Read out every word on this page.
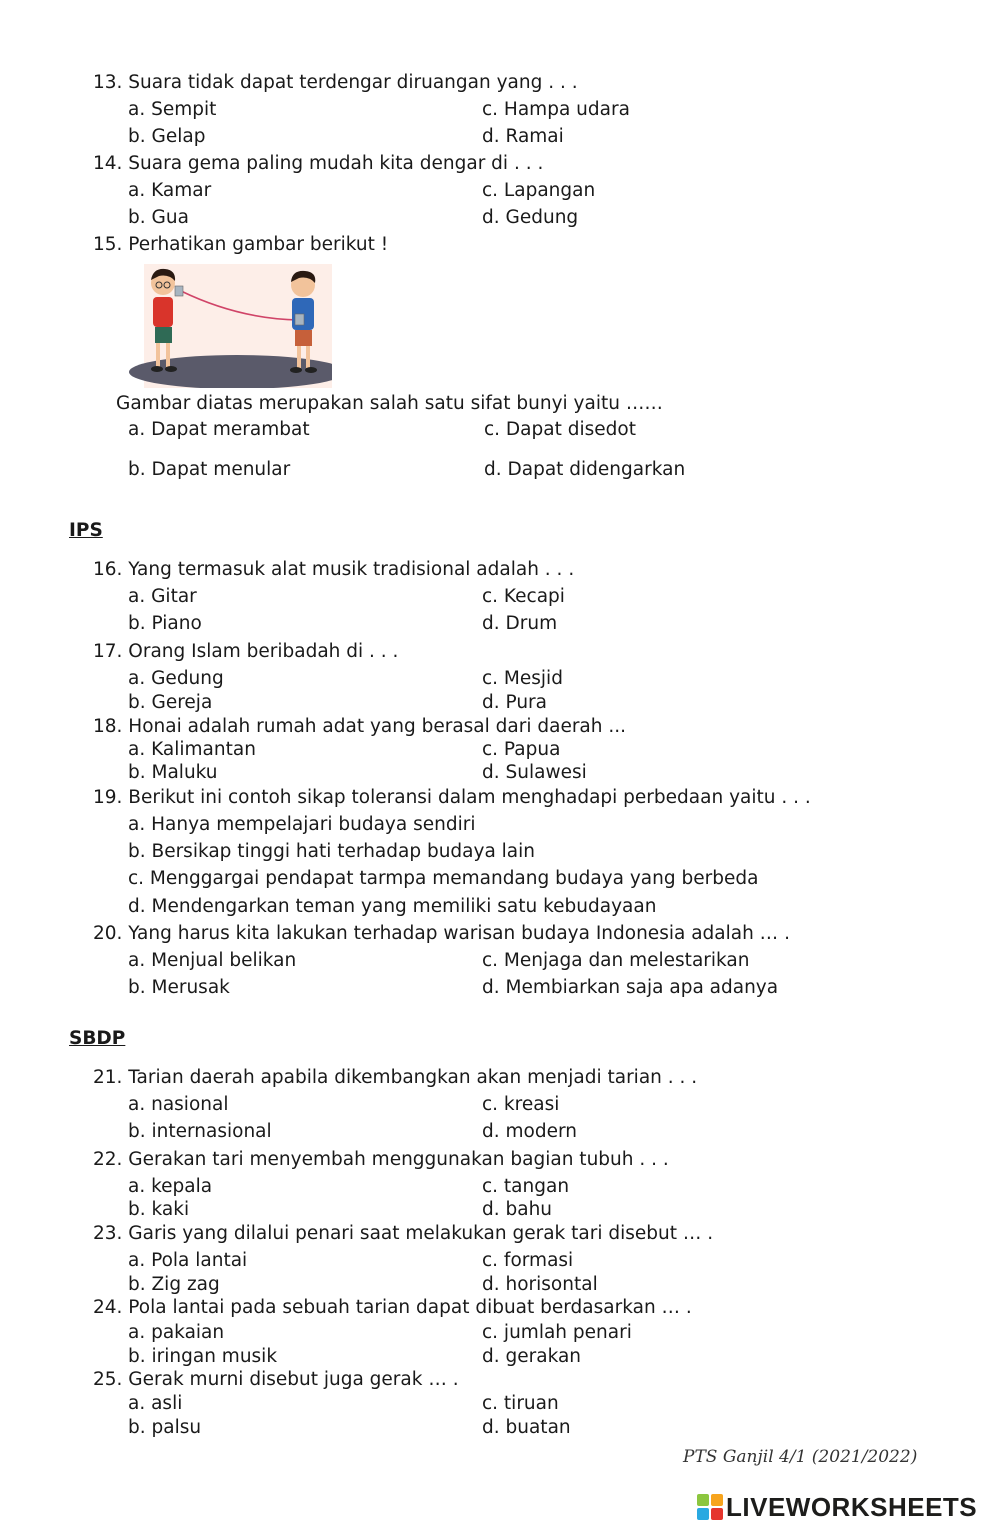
13. Suara tidak dapat terdengar diruangan yang . . .
a. Sempit	c. Hampa udara
b. Gelap	d. Ramai
14. Suara gema paling mudah kita dengar di . . .
a. Kamar	c. Lapangan
b. Gua	d. Gedung
15. Perhatikan gambar berikut !
Gambar diatas merupakan salah satu sifat bunyi yaitu ……
a. Dapat merambat	c. Dapat disedot
b. Dapat menular	d. Dapat didengarkan
IPS
16. Yang termasuk alat musik tradisional adalah . . .
a. Gitar	c. Kecapi
b. Piano	d. Drum
17. Orang Islam beribadah di . . .
a. Gedung	c. Mesjid
b. Gereja	d. Pura
18. Honai adalah rumah adat yang berasal dari daerah ...
a. Kalimantan	c. Papua
b. Maluku	d. Sulawesi
19. Berikut ini contoh sikap toleransi dalam menghadapi perbedaan yaitu . . .
a. Hanya mempelajari budaya sendiri
b. Bersikap tinggi hati terhadap budaya lain
c. Menggargai pendapat tarmpa memandang budaya yang berbeda
d. Mendengarkan teman yang memiliki satu kebudayaan
20. Yang harus kita lakukan terhadap warisan budaya Indonesia adalah … .
a. Menjual belikan	c. Menjaga dan melestarikan
b. Merusak	d. Membiarkan saja apa adanya
SBDP
21. Tarian daerah apabila dikembangkan akan menjadi tarian . . .
a. nasional	c. kreasi
b. internasional	d. modern
22. Gerakan tari menyembah menggunakan bagian tubuh . . .
a. kepala	c. tangan
b. kaki	d. bahu
23. Garis yang dilalui penari saat melakukan gerak tari disebut … .
a. Pola lantai	c. formasi
b. Zig zag	d. horisontal
24. Pola lantai pada sebuah tarian dapat dibuat berdasarkan … .
a. pakaian	c. jumlah penari
b. iringan musik	d. gerakan
25. Gerak murni disebut juga gerak … .
a. asli	c. tiruan
b. palsu	d. buatan
PTS Ganjil 4/1 (2021/2022)
LIVEWORKSHEETS
